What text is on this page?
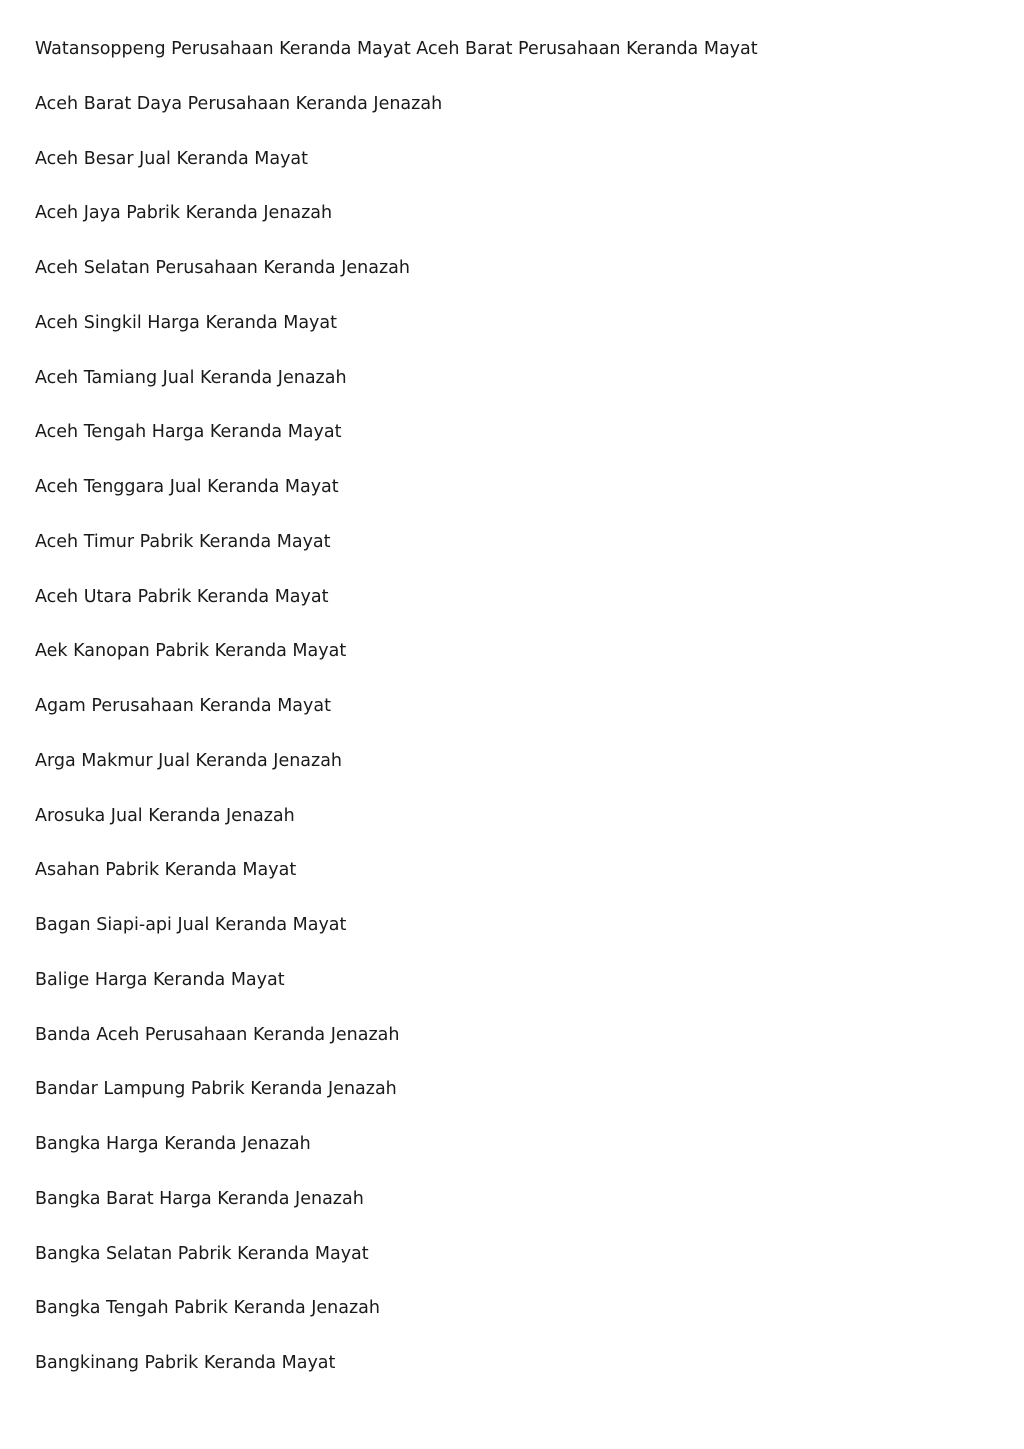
Watansoppeng Perusahaan Keranda Mayat Aceh Barat Perusahaan Keranda Mayat
Aceh Barat Daya Perusahaan Keranda Jenazah
Aceh Besar Jual Keranda Mayat
Aceh Jaya Pabrik Keranda Jenazah
Aceh Selatan Perusahaan Keranda Jenazah
Aceh Singkil Harga Keranda Mayat
Aceh Tamiang Jual Keranda Jenazah
Aceh Tengah Harga Keranda Mayat
Aceh Tenggara Jual Keranda Mayat
Aceh Timur Pabrik Keranda Mayat
Aceh Utara Pabrik Keranda Mayat
Aek Kanopan Pabrik Keranda Mayat
Agam Perusahaan Keranda Mayat
Arga Makmur Jual Keranda Jenazah
Arosuka Jual Keranda Jenazah
Asahan Pabrik Keranda Mayat
Bagan Siapi-api Jual Keranda Mayat
Balige Harga Keranda Mayat
Banda Aceh Perusahaan Keranda Jenazah
Bandar Lampung Pabrik Keranda Jenazah
Bangka Harga Keranda Jenazah
Bangka Barat Harga Keranda Jenazah
Bangka Selatan Pabrik Keranda Mayat
Bangka Tengah Pabrik Keranda Jenazah
Bangkinang Pabrik Keranda Mayat
